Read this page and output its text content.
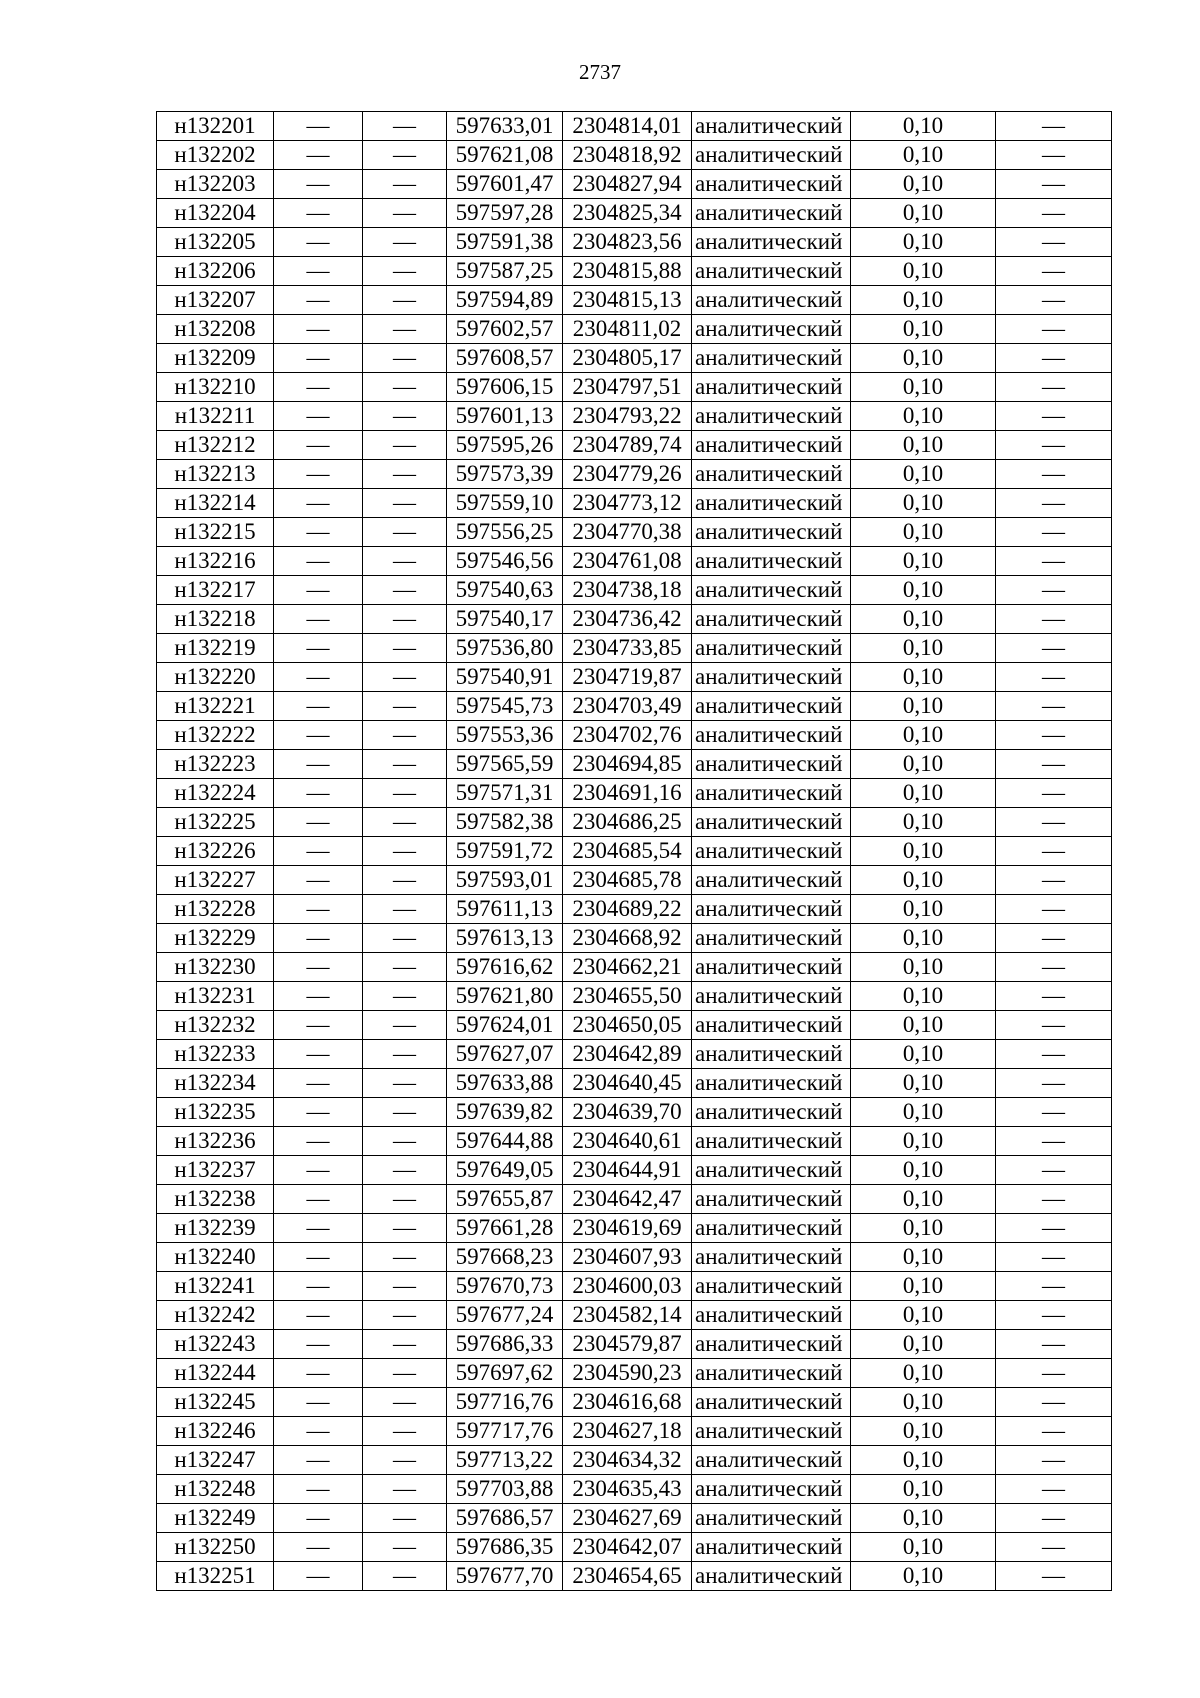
2737
н132201	—	—	597633,01	2304814,01	аналитический	0,10	—
н132202	—	—	597621,08	2304818,92	аналитический	0,10	—
н132203	—	—	597601,47	2304827,94	аналитический	0,10	—
н132204	—	—	597597,28	2304825,34	аналитический	0,10	—
н132205	—	—	597591,38	2304823,56	аналитический	0,10	—
н132206	—	—	597587,25	2304815,88	аналитический	0,10	—
н132207	—	—	597594,89	2304815,13	аналитический	0,10	—
н132208	—	—	597602,57	2304811,02	аналитический	0,10	—
н132209	—	—	597608,57	2304805,17	аналитический	0,10	—
н132210	—	—	597606,15	2304797,51	аналитический	0,10	—
н132211	—	—	597601,13	2304793,22	аналитический	0,10	—
н132212	—	—	597595,26	2304789,74	аналитический	0,10	—
н132213	—	—	597573,39	2304779,26	аналитический	0,10	—
н132214	—	—	597559,10	2304773,12	аналитический	0,10	—
н132215	—	—	597556,25	2304770,38	аналитический	0,10	—
н132216	—	—	597546,56	2304761,08	аналитический	0,10	—
н132217	—	—	597540,63	2304738,18	аналитический	0,10	—
н132218	—	—	597540,17	2304736,42	аналитический	0,10	—
н132219	—	—	597536,80	2304733,85	аналитический	0,10	—
н132220	—	—	597540,91	2304719,87	аналитический	0,10	—
н132221	—	—	597545,73	2304703,49	аналитический	0,10	—
н132222	—	—	597553,36	2304702,76	аналитический	0,10	—
н132223	—	—	597565,59	2304694,85	аналитический	0,10	—
н132224	—	—	597571,31	2304691,16	аналитический	0,10	—
н132225	—	—	597582,38	2304686,25	аналитический	0,10	—
н132226	—	—	597591,72	2304685,54	аналитический	0,10	—
н132227	—	—	597593,01	2304685,78	аналитический	0,10	—
н132228	—	—	597611,13	2304689,22	аналитический	0,10	—
н132229	—	—	597613,13	2304668,92	аналитический	0,10	—
н132230	—	—	597616,62	2304662,21	аналитический	0,10	—
н132231	—	—	597621,80	2304655,50	аналитический	0,10	—
н132232	—	—	597624,01	2304650,05	аналитический	0,10	—
н132233	—	—	597627,07	2304642,89	аналитический	0,10	—
н132234	—	—	597633,88	2304640,45	аналитический	0,10	—
н132235	—	—	597639,82	2304639,70	аналитический	0,10	—
н132236	—	—	597644,88	2304640,61	аналитический	0,10	—
н132237	—	—	597649,05	2304644,91	аналитический	0,10	—
н132238	—	—	597655,87	2304642,47	аналитический	0,10	—
н132239	—	—	597661,28	2304619,69	аналитический	0,10	—
н132240	—	—	597668,23	2304607,93	аналитический	0,10	—
н132241	—	—	597670,73	2304600,03	аналитический	0,10	—
н132242	—	—	597677,24	2304582,14	аналитический	0,10	—
н132243	—	—	597686,33	2304579,87	аналитический	0,10	—
н132244	—	—	597697,62	2304590,23	аналитический	0,10	—
н132245	—	—	597716,76	2304616,68	аналитический	0,10	—
н132246	—	—	597717,76	2304627,18	аналитический	0,10	—
н132247	—	—	597713,22	2304634,32	аналитический	0,10	—
н132248	—	—	597703,88	2304635,43	аналитический	0,10	—
н132249	—	—	597686,57	2304627,69	аналитический	0,10	—
н132250	—	—	597686,35	2304642,07	аналитический	0,10	—
н132251	—	—	597677,70	2304654,65	аналитический	0,10	—
